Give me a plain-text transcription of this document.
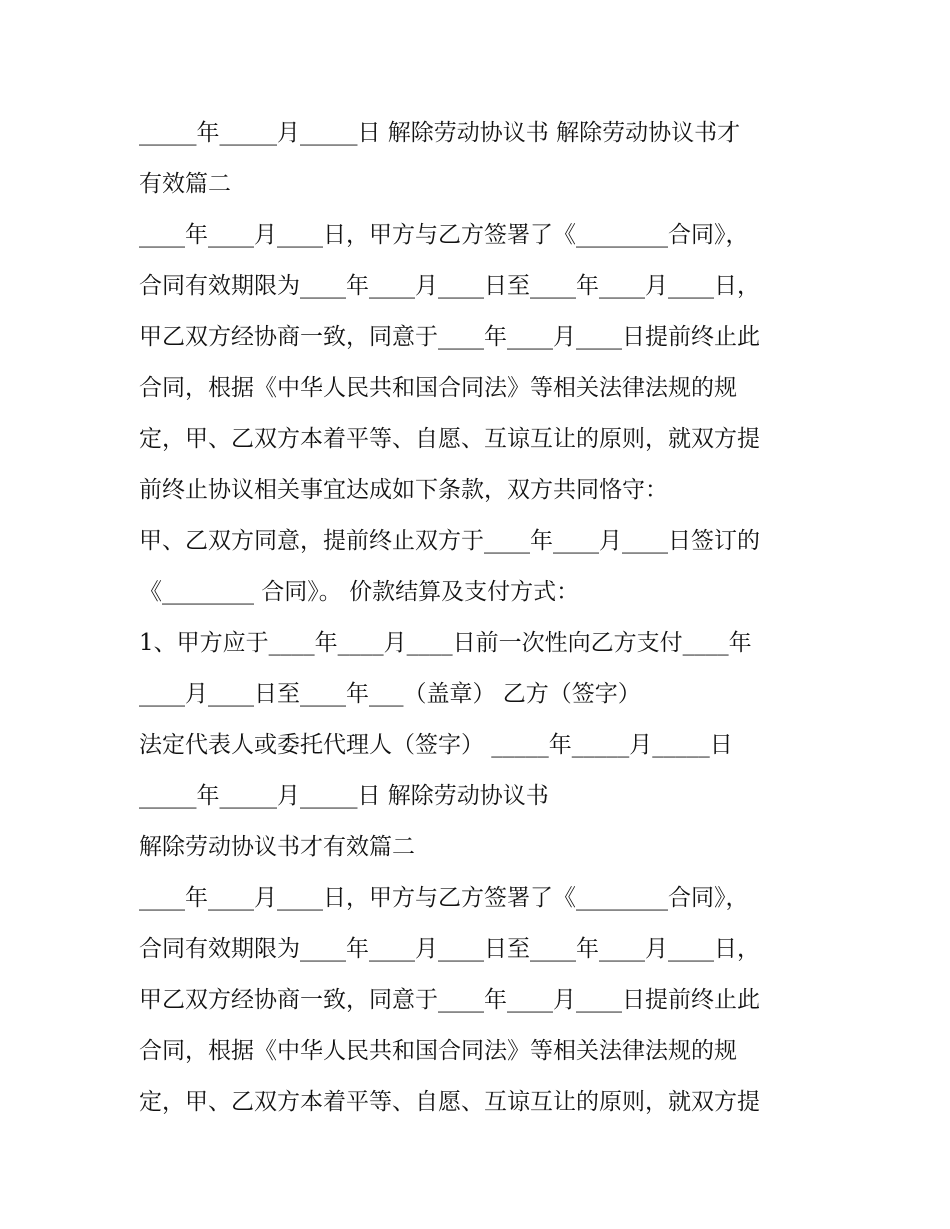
_____年_____月_____日 解除劳动协议书 解除劳动协议书才
有效篇二
____年____月____日，甲方与乙方签署了《________合同》，
合同有效期限为____年____月____日至____年____月____日，
甲乙双方经协商一致，同意于____年____月____日提前终止此
合同，根据《中华人民共和国合同法》等相关法律法规的规
定，甲、乙双方本着平等、自愿、互谅互让的原则，就双方提
前终止协议相关事宜达成如下条款，双方共同恪守：
甲、乙双方同意，提前终止双方于____年____月____日签订的
《________ 合同》。 价款结算及支付方式：
1、甲方应于____年____月____日前一次性向乙方支付____年
____月____日至____年___（盖章） 乙方（签字）
法定代表人或委托代理人（签字） _____年_____月_____日
_____年_____月_____日 解除劳动协议书
解除劳动协议书才有效篇二
____年____月____日，甲方与乙方签署了《________合同》，
合同有效期限为____年____月____日至____年____月____日，
甲乙双方经协商一致，同意于____年____月____日提前终止此
合同，根据《中华人民共和国合同法》等相关法律法规的规
定，甲、乙双方本着平等、自愿、互谅互让的原则，就双方提
